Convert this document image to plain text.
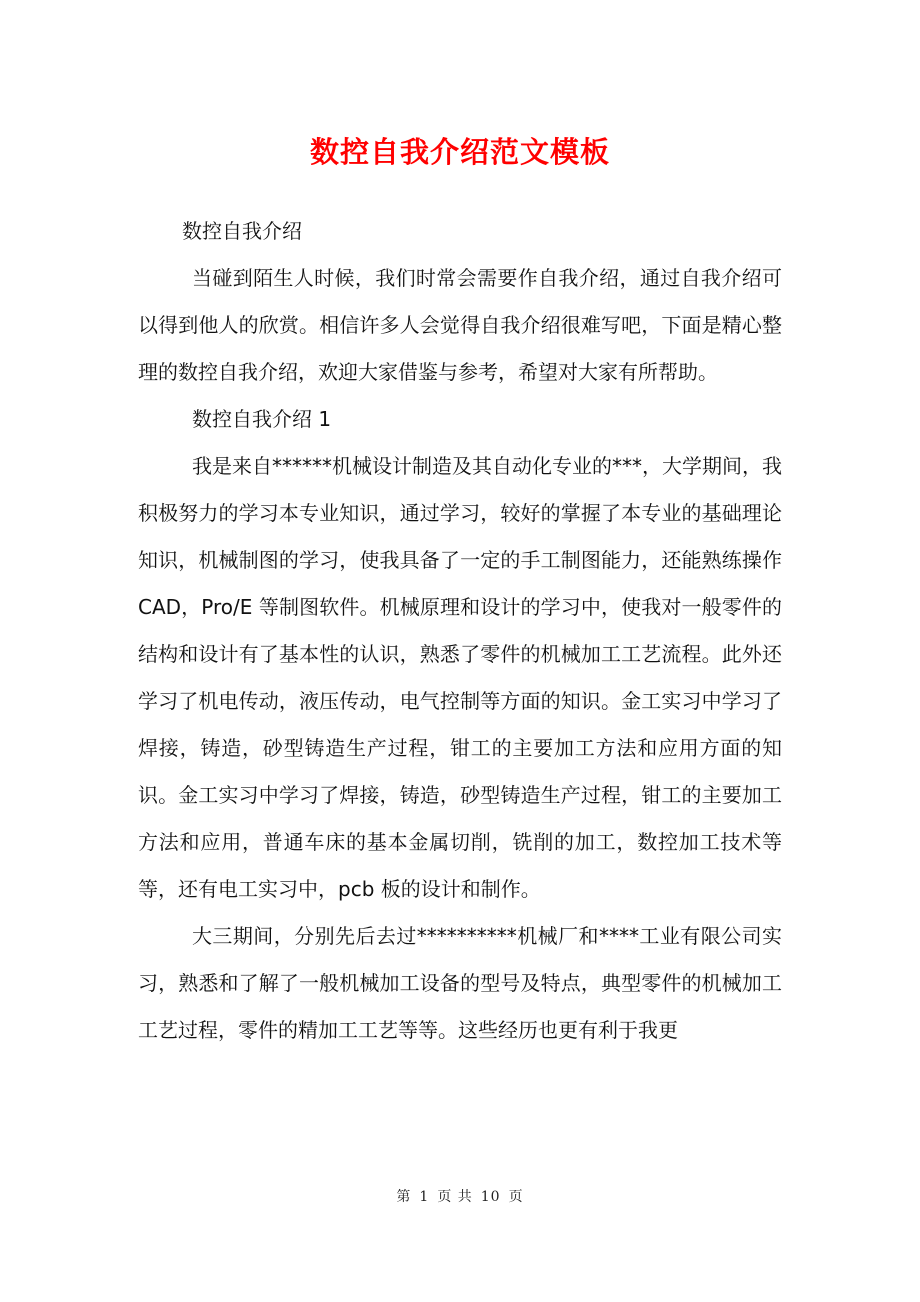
数控自我介绍范文模板

数控自我介绍

当碰到陌生人时候，我们时常会需要作自我介绍，通过自我介绍可以得到他人的欣赏。相信许多人会觉得自我介绍很难写吧，下面是精心整理的数控自我介绍，欢迎大家借鉴与参考，希望对大家有所帮助。

数控自我介绍 1

我是来自******机械设计制造及其自动化专业的***，大学期间，我积极努力的学习本专业知识，通过学习，较好的掌握了本专业的基础理论知识，机械制图的学习，使我具备了一定的手工制图能力，还能熟练操作 CAD，Pro/E 等制图软件。机械原理和设计的学习中，使我对一般零件的结构和设计有了基本性的认识，熟悉了零件的机械加工工艺流程。此外还学习了机电传动，液压传动，电气控制等方面的知识。金工实习中学习了焊接，铸造，砂型铸造生产过程，钳工的主要加工方法和应用方面的知识。金工实习中学习了焊接，铸造，砂型铸造生产过程，钳工的主要加工方法和应用，普通车床的基本金属切削，铣削的加工，数控加工技术等等，还有电工实习中，pcb 板的设计和制作。

大三期间，分别先后去过**********机械厂和****工业有限公司实习，熟悉和了解了一般机械加工设备的型号及特点，典型零件的机械加工工艺过程，零件的精加工工艺等等。这些经历也更有利于我更

第 1 页 共 10 页
